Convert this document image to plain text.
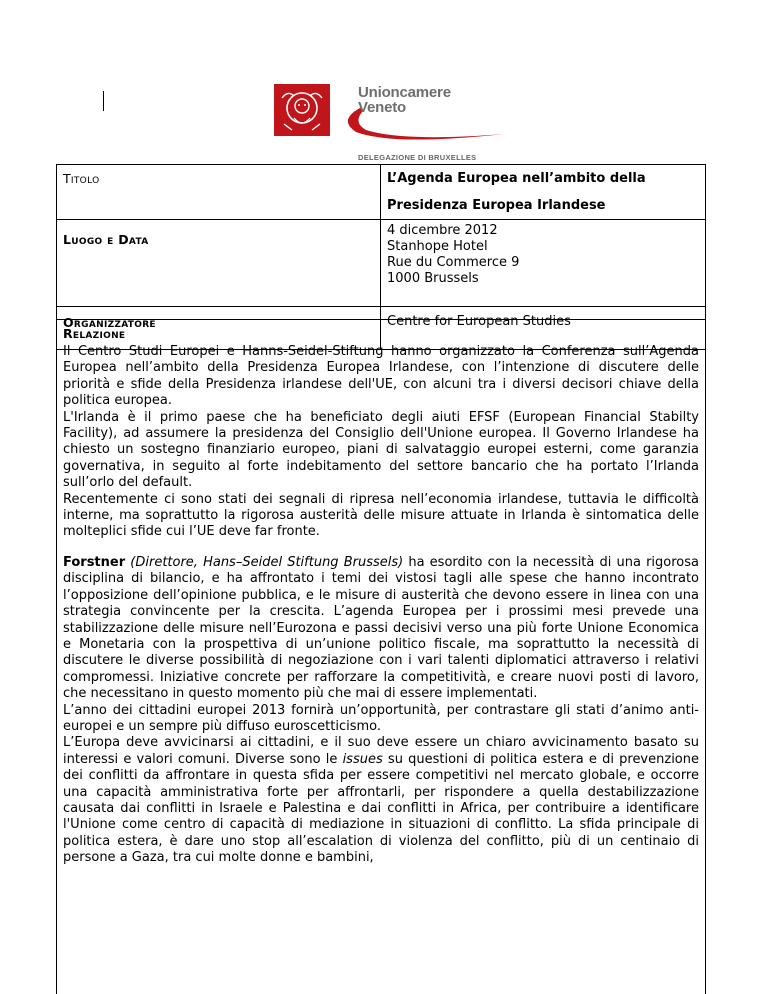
Unioncamere
Veneto
DELEGAZIONE DI BRUXELLES
Titolo	L’Agenda Europea nell’ambito della
Presidenza Europea Irlandese

Luogo e Data	4 dicembre 2012
Stanhope Hotel
Rue du Commerce 9
1000 Brussels

Organizzatore	Centre for European Studies
Relazione

Il Centro Studi Europei e Hanns-Seidel-Stiftung hanno organizzato la Conferenza sull’Agenda Europea nell’ambito della Presidenza Europea Irlandese, con l’intenzione di discutere delle priorità e sfide della Presidenza irlandese dell'UE, con alcuni tra i diversi decisori chiave della politica europea.

L'Irlanda è il primo paese che ha beneficiato degli aiuti EFSF (European Financial Stabilty Facility), ad assumere la presidenza del Consiglio dell'Unione europea. Il Governo Irlandese ha chiesto un sostegno finanziario europeo, piani di salvataggio europei esterni, come garanzia governativa, in seguito al forte indebitamento del settore bancario che ha portato l’Irlanda sull’orlo del default.

Recentemente ci sono stati dei segnali di ripresa nell’economia irlandese, tuttavia le difficoltà interne, ma soprattutto la rigorosa austerità delle misure attuate in Irlanda è sintomatica delle molteplici sfide cui l’UE deve far fronte.

Forstner (Direttore, Hans–Seidel Stiftung Brussels) ha esordito con la necessità di una rigorosa disciplina di bilancio, e ha affrontato i temi dei vistosi tagli alle spese che hanno incontrato l’opposizione dell’opinione pubblica, e le misure di austerità che devono essere in linea con una strategia convincente per la crescita. L’agenda Europea per i prossimi mesi prevede una stabilizzazione delle misure nell’Eurozona e passi decisivi verso una più forte Unione Economica e Monetaria con la prospettiva di un’unione politico fiscale, ma soprattutto la necessità di discutere le diverse possibilità di negoziazione con i vari talenti diplomatici attraverso i relativi compromessi. Iniziative concrete per rafforzare la competitività, e creare nuovi posti di lavoro, che necessitano in questo momento più che mai di essere implementati.

L’anno dei cittadini europei 2013 fornirà un’opportunità, per contrastare gli stati d’animo anti-europei e un sempre più diffuso euroscetticismo.

L’Europa deve avvicinarsi ai cittadini, e il suo deve essere un chiaro avvicinamento basato su interessi e valori comuni. Diverse sono le issues su questioni di politica estera e di prevenzione dei conflitti da affrontare in questa sfida per essere competitivi nel mercato globale, e occorre una capacità amministrativa forte per affrontarli, per rispondere a quella destabilizzazione causata dai conflitti in Israele e Palestina e dai conflitti in Africa, per contribuire a identificare l'Unione come centro di capacità di mediazione in situazioni di conflitto. La sfida principale di politica estera, è dare uno stop all’escalation di violenza del conflitto, più di un centinaio di persone a Gaza, tra cui molte donne e bambini,
